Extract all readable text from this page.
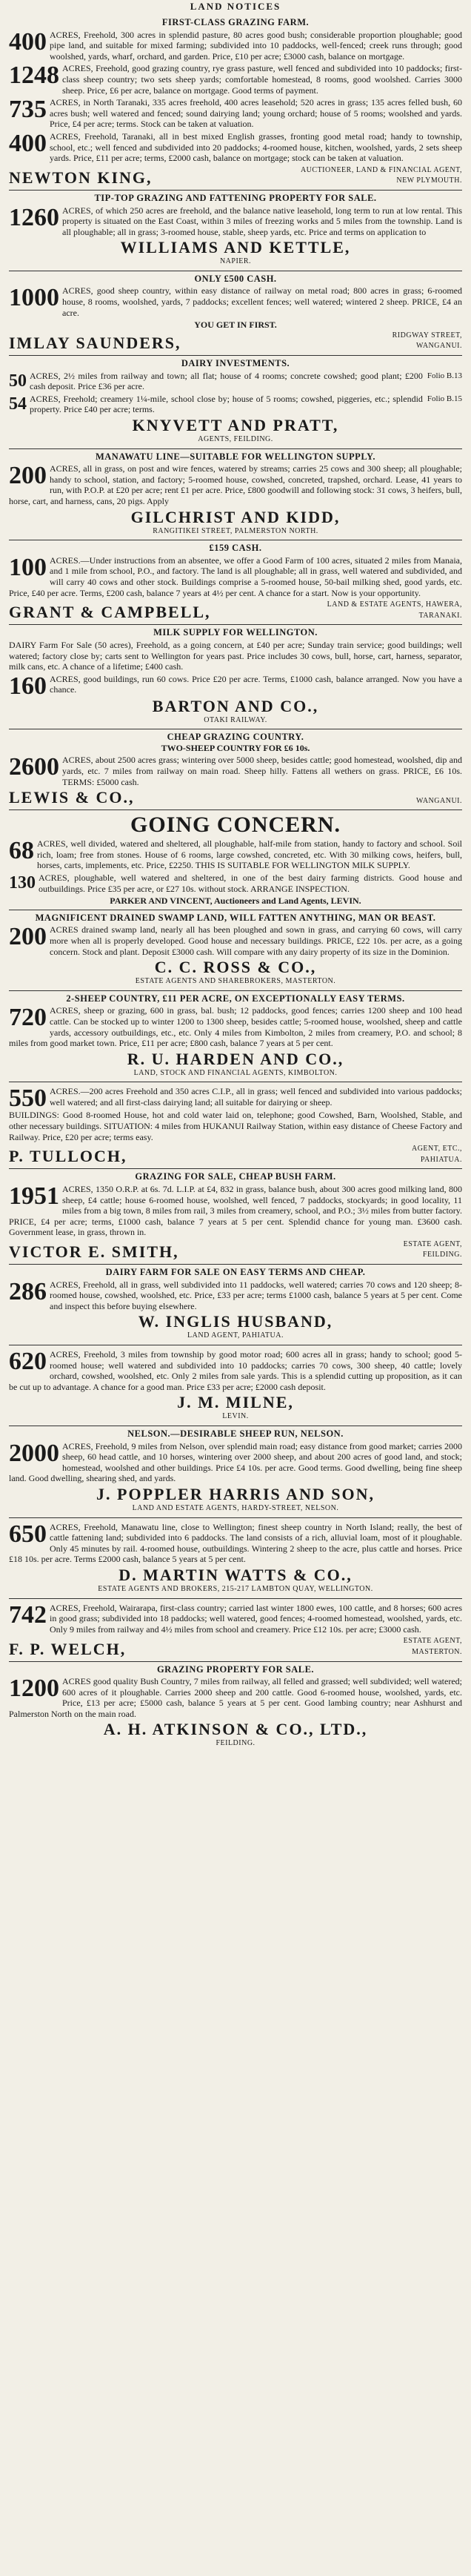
LAND NOTICES
FIRST-CLASS GRAZING FARM.
400 ACRES, Freehold, 300 acres in splendid pasture, 80 acres good bush; considerable proportion ploughable; good pipe land, and suitable for mixed farming; subdivided into 10 paddocks, well-fenced; creek runs through; good woolshed, yards, wharf, orchard, and garden. Price, £10 per acre; £3000 cash, balance on mortgage.
1248 ACRES, Freehold, good grazing country, rye grass pasture, well fenced and subdivided into 10 paddocks; first-class sheep country; two sets sheep yards; comfortable homestead, 8 rooms, good woolshed. Carries 3000 sheep. Price, £6 per acre, balance on mortgage. Good terms of payment.
735 ACRES, in North Taranaki, 335 acres freehold, 400 acres leasehold; 520 acres in grass; 135 acres felled bush, 60 acres bush; well watered and fenced; sound dairying land; young orchard; house of 5 rooms; woolshed and yards. Price, £4 per acre; terms. Stock can be taken at valuation.
400 ACRES, Freehold, Taranaki, all in best mixed English grasses, fronting good metal road; handy to township, school, etc.; well fenced and subdivided into 20 paddocks; 4-roomed house, kitchen, woolshed, yards, 2 sets sheep yards. Price, £11 per acre; terms, £2000 cash, balance on mortgage; stock can be taken at valuation.
NEWTON KING,	AUCTIONEER, LAND & FINANCIAL AGENT, NEW PLYMOUTH.
TIP-TOP GRAZING AND FATTENING PROPERTY FOR SALE.
1260 ACRES, of which 250 acres are freehold, and the balance native leasehold, long term to run at low rental. This property is situated on the East Coast, within 3 miles of freezing works and 5 miles from the township. Land is all ploughable; all in grass; 3-roomed house, stable, sheep yards, etc. Price and terms on application to
WILLIAMS AND KETTLE,
NAPIER.
ONLY £500 CASH.
1000 ACRES, good sheep country, within easy distance of railway on metal road; 800 acres in grass; 6-roomed house, 8 rooms, woolshed, yards, 7 paddocks; excellent fences; well watered; wintered 2 sheep. PRICE, £4 an acre.
YOU GET IN FIRST.
IMLAY SAUNDERS,	RIDGWAY STREET, WANGANUI.
DAIRY INVESTMENTS.
50	Folio B.13
ACRES, 2½ miles from railway and town; all flat; house of 4 rooms; concrete cowshed; good plant; £200 cash deposit. Price £36 per acre.
54	Folio B.15
ACRES, Freehold; creamery 1¼-mile, school close by; house of 5 rooms; cowshed, piggeries, etc.; splendid property. Price £40 per acre; terms.
KNYVETT AND PRATT,
AGENTS, FEILDING.
MANAWATU LINE—SUITABLE FOR WELLINGTON SUPPLY.
200 ACRES, all in grass, on post and wire fences, watered by streams; carries 25 cows and 300 sheep; all ploughable; handy to school, station, and factory; 5-roomed house, cowshed, concreted, trapshed, orchard. Lease, 41 years to run, with P.O.P. at £20 per acre; rent £1 per acre. Price, £800 goodwill and following stock: 31 cows, 3 heifers, bull, horse, cart, and harness, cans, 20 pigs. Apply
GILCHRIST AND KIDD,
RANGITIKEI STREET, PALMERSTON NORTH.
£159 CASH.
100 ACRES.—Under instructions from an absentee, we offer a Good Farm of 100 acres, situated 2 miles from Manaia, and 1 mile from school, P.O., and factory. The land is all ploughable; all in grass, well watered and subdivided, and will carry 40 cows and other stock. Buildings comprise a 5-roomed house, 50-bail milking shed, good yards, etc. Price, £40 per acre. Terms, £200 cash, balance 7 years at 4½ per cent. A chance for a start. Now is your opportunity.
GRANT & CAMPBELL,	LAND & ESTATE AGENTS, HAWERA, TARANAKI.
MILK SUPPLY FOR WELLINGTON.
DAIRY Farm For Sale (50 acres), Freehold, as a going concern, at £40 per acre; Sunday train service; good buildings; well watered; factory close by; carts sent to Wellington for years past. Price includes 30 cows, bull, horse, cart, harness, separator, milk cans, etc. A chance of a lifetime; £400 cash.
160 ACRES, good buildings, run 60 cows. Price £20 per acre. Terms, £1000 cash, balance arranged. Now you have a chance.
BARTON AND CO.,
OTAKI RAILWAY.
CHEAP GRAZING COUNTRY.
TWO-SHEEP COUNTRY FOR £6 10s.
2600 ACRES, about 2500 acres grass; wintering over 5000 sheep, besides cattle; good homestead, woolshed, dip and yards, etc. 7 miles from railway on main road. Sheep hilly. Fattens all wethers on grass. PRICE, £6 10s. TERMS: £5000 cash.
LEWIS & CO.,	WANGANUI.
GOING CONCERN.
68 ACRES, well divided, watered and sheltered, all ploughable, half-mile from station, handy to factory and school. Soil rich, loam; free from stones. House of 6 rooms, large cowshed, concreted, etc. With 30 milking cows, heifers, bull, horses, carts, implements, etc. Price, £2250. THIS IS SUITABLE FOR WELLINGTON MILK SUPPLY.
130 ACRES, ploughable, well watered and sheltered, in one of the best dairy farming districts. Good house and outbuildings. Price £35 per acre, or £27 10s. without stock. ARRANGE INSPECTION.
PARKER AND VINCENT, Auctioneers and Land Agents, LEVIN.
MAGNIFICENT DRAINED SWAMP LAND, WILL FATTEN ANYTHING, MAN OR BEAST.
200 ACRES drained swamp land, nearly all has been ploughed and sown in grass, and carrying 60 cows, will carry more when all is properly developed. Good house and necessary buildings. PRICE, £22 10s. per acre, as a going concern. Stock and plant. Deposit £3000 cash. Will compare with any dairy property of its size in the Dominion.
C. C. ROSS & CO.,
ESTATE AGENTS AND SHAREBROKERS, MASTERTON.
2-SHEEP COUNTRY, £11 PER ACRE, ON EXCEPTIONALLY EASY TERMS.
720 ACRES, sheep or grazing, 600 in grass, bal. bush; 12 paddocks, good fences; carries 1200 sheep and 100 head cattle. Can be stocked up to winter 1200 to 1300 sheep, besides cattle; 5-roomed house, woolshed, sheep and cattle yards, accessory outbuildings, etc., etc. Only 4 miles from Kimbolton, 2 miles from creamery, P.O. and school; 8 miles from good market town. Price, £11 per acre; £800 cash, balance 7 years at 5 per cent.
R. U. HARDEN AND CO.,
LAND, STOCK AND FINANCIAL AGENTS, KIMBOLTON.
550 ACRES.—200 acres Freehold and 350 acres C.I.P., all in grass; well fenced and subdivided into various paddocks; well watered; and all first-class dairying land; all suitable for dairying or sheep.
BUILDINGS: Good 8-roomed House, hot and cold water laid on, telephone; good Cowshed, Barn, Woolshed, Stable, and other necessary buildings. SITUATION: 4 miles from HUKANUI Railway Station, within easy distance of Cheese Factory and Railway. Price, £20 per acre; terms easy.
P. TULLOCH,	AGENT, ETC., PAHIATUA.
GRAZING FOR SALE, CHEAP BUSH FARM.
1951 ACRES, 1350 O.R.P. at 6s. 7d. L.I.P. at £4, 832 in grass, balance bush, about 300 acres good milking land, 800 sheep, £4 cattle; house 6-roomed house, woolshed, well fenced, 7 paddocks, stockyards; in good locality, 11 miles from a big town, 8 miles from rail, 3 miles from creamery, school, and P.O.; 3½ miles from butter factory. PRICE, £4 per acre; terms, £1000 cash, balance 7 years at 5 per cent. Splendid chance for young man. £3600 cash. Government lease, in grass, thrown in.
VICTOR E. SMITH,	ESTATE AGENT, FEILDING.
DAIRY FARM FOR SALE ON EASY TERMS AND CHEAP.
286 ACRES, Freehold, all in grass, well subdivided into 11 paddocks, well watered; carries 70 cows and 120 sheep; 8-roomed house, cowshed, woolshed, etc. Price, £33 per acre; terms £1000 cash, balance 5 years at 5 per cent. Come and inspect this before buying elsewhere.
W. INGLIS HUSBAND,
LAND AGENT, PAHIATUA.
620 ACRES, Freehold, 3 miles from township by good motor road; 600 acres all in grass; handy to school; good 5-roomed house; well watered and subdivided into 10 paddocks; carries 70 cows, 300 sheep, 40 cattle; lovely orchard, cowshed, woolshed, etc. Only 2 miles from sale yards. This is a splendid cutting up proposition, as it can be cut up to advantage. A chance for a good man. Price £33 per acre; £2000 cash deposit.
J. M. MILNE,
LEVIN.
NELSON.—DESIRABLE SHEEP RUN, NELSON.
2000 ACRES, Freehold, 9 miles from Nelson, over splendid main road; easy distance from good market; carries 2000 sheep, 60 head cattle, and 10 horses, wintering over 2000 sheep, and about 200 acres of good land, and stock; homestead, woolshed and other buildings. Price £4 10s. per acre. Good terms. Good dwelling, being fine sheep land. Good dwelling, shearing shed, and yards.
J. POPPLER HARRIS AND SON,
LAND AND ESTATE AGENTS, HARDY-STREET, NELSON.
650 ACRES, Freehold, Manawatu line, close to Wellington; finest sheep country in North Island; really, the best of cattle fattening land; subdivided into 6 paddocks. The land consists of a rich, alluvial loam, most of it ploughable. Only 45 minutes by rail. 4-roomed house, outbuildings. Wintering 2 sheep to the acre, plus cattle and horses. Price £18 10s. per acre. Terms £2000 cash, balance 5 years at 5 per cent.
D. MARTIN WATTS & CO.,
ESTATE AGENTS AND BROKERS, 215-217 LAMBTON QUAY, WELLINGTON.
742 ACRES, Freehold, Wairarapa, first-class country; carried last winter 1800 ewes, 100 cattle, and 8 horses; 600 acres in good grass; subdivided into 18 paddocks; well watered, good fences; 4-roomed homestead, woolshed, yards, etc. Only 9 miles from railway and 4½ miles from school and creamery. Price £12 10s. per acre; £3000 cash.
F. P. WELCH,	ESTATE AGENT, MASTERTON.
GRAZING PROPERTY FOR SALE.
1200 ACRES good quality Bush Country, 7 miles from railway, all felled and grassed; well subdivided; well watered; 600 acres of it ploughable. Carries 2000 sheep and 200 cattle. Good 6-roomed house, woolshed, yards, etc. Price, £13 per acre; £5000 cash, balance 5 years at 5 per cent. Good lambing country; near Ashhurst and Palmerston North on the main road.
A. H. ATKINSON & CO., LTD.,
FEILDING.
